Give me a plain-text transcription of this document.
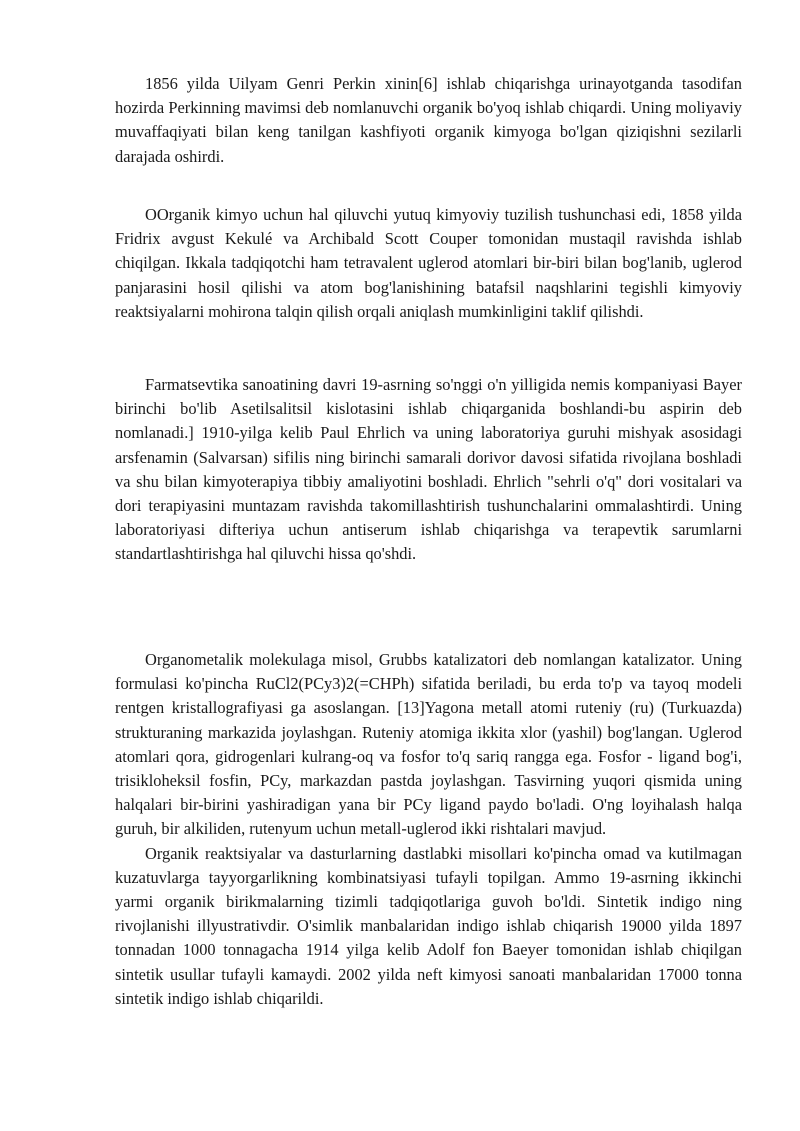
1856 yilda Uilyam Genri Perkin xinin[6] ishlab chiqarishga urinayotganda tasodifan hozirda Perkinning mavimsi deb nomlanuvchi organik bo'yoq ishlab chiqardi. Uning moliyaviy muvaffaqiyati bilan keng tanilgan kashfiyoti organik kimyoga bo'lgan qiziqishni sezilarli darajada oshirdi.

OOrganik kimyo uchun hal qiluvchi yutuq kimyoviy tuzilish tushunchasi edi, 1858 yilda Fridrix avgust Kekulé va Archibald Scott Couper tomonidan mustaqil ravishda ishlab chiqilgan. Ikkala tadqiqotchi ham tetravalent uglerod atomlari bir-biri bilan bog'lanib, uglerod panjarasini hosil qilishi va atom bog'lanishining batafsil naqshlarini tegishli kimyoviy reaktsiyalarni mohirona talqin qilish orqali aniqlash mumkinligini taklif qilishdi.

Farmatsevtika sanoatining davri 19-asrning so'nggi o'n yilligida nemis kompaniyasi Bayer birinchi bo'lib Asetilsalitsil kislotasini ishlab chiqarganida boshlandi-bu aspirin deb nomlanadi.] 1910-yilga kelib Paul Ehrlich va uning laboratoriya guruhi mishyak asosidagi arsfenamin (Salvarsan) sifilis ning birinchi samarali dorivor davosi sifatida rivojlana boshladi va shu bilan kimyoterapiya tibbiy amaliyotini boshladi. Ehrlich "sehrli o'q" dori vositalari va dori terapiyasini muntazam ravishda takomillashtirish tushunchalarini ommalashtirdi. Uning laboratoriyasi difteriya uchun antiserum ishlab chiqarishga va terapevtik sarumlarni standartlashtirishga hal qiluvchi hissa qo'shdi.

Organometalik molekulaga misol, Grubbs katalizatori deb nomlangan katalizator. Uning formulasi ko'pincha RuCl2(PCy3)2(=CHPh) sifatida beriladi, bu erda to'p va tayoq modeli rentgen kristallografiyasi ga asoslangan. [13]Yagona metall atomi ruteniy (ru) (Turkuazda) strukturaning markazida joylashgan. Ruteniy atomiga ikkita xlor (yashil) bog'langan. Uglerod atomlari qora, gidrogenlari kulrang-oq va fosfor to'q sariq rangga ega. Fosfor - ligand bog'i, trisikloheksil fosfin, PCy, markazdan pastda joylashgan. Tasvirning yuqori qismida uning halqalari bir-birini yashiradigan yana bir PCy ligand paydo bo'ladi. O'ng loyihalash halqa guruh, bir alkiliden, rutenyum uchun metall-uglerod ikki rishtalari mavjud.

Organik reaktsiyalar va dasturlarning dastlabki misollari ko'pincha omad va kutilmagan kuzatuvlarga tayyorgarlikning kombinatsiyasi tufayli topilgan. Ammo 19-asrning ikkinchi yarmi organik birikmalarning tizimli tadqiqotlariga guvoh bo'ldi. Sintetik indigo ning rivojlanishi illyustrativdir. O'simlik manbalaridan indigo ishlab chiqarish 19000 yilda 1897 tonnadan 1000 tonnagacha 1914 yilga kelib Adolf fon Baeyer tomonidan ishlab chiqilgan sintetik usullar tufayli kamaydi. 2002 yilda neft kimyosi sanoati manbalaridan 17000 tonna sintetik indigo ishlab chiqarildi.
